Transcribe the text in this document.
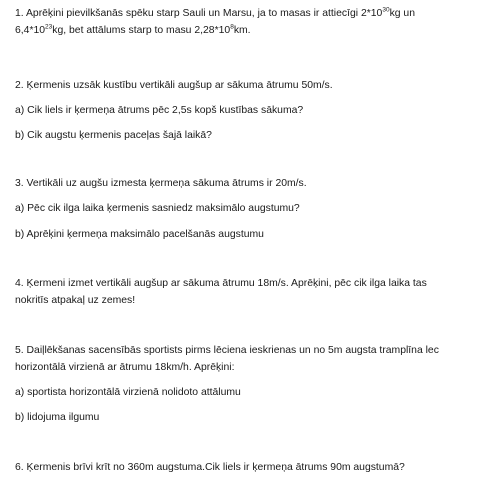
1. Aprēķini pievilkšanās spēku starp Sauli un Marsu, ja to masas ir attiecīgi $2*10^{30}kg$ un

$6,4*10^{23}kg$, bet attālums starp to masu $2,28*10^8km$.

2. Ķermenis uzsāk kustību vertikāli augšup ar sākuma ātrumu 50m/s.

a) Cik liels ir ķermeņa ātrums pēc 2,5s kopš kustības sākuma?

b) Cik augstu ķermenis paceļas šajā laikā?

3. Vertikāli uz augšu izmesta ķermeņa sākuma ātrums ir 20m/s.

a) Pēc cik ilga laika ķermenis sasniedz maksimālo augstumu?

b) Aprēķini ķermeņa maksimālo pacelšanās augstumu

4. Ķermeni izmet vertikāli augšup ar sākuma ātrumu 18m/s. Aprēķini, pēc cik ilga laika tas

nokritīs atpakaļ uz zemes!

5. Daiļlēkšanas sacensībās sportists pirms lēciena ieskrienas un no 5m augsta tramplīna lec

horizontālā virzienā ar ātrumu 18km/h. Aprēķini:

a) sportista horizontālā virzienā nolidoto attālumu

b) lidojuma ilgumu

6. Ķermenis brīvi krīt no 360m augstuma.Cik liels ir ķermeņa ātrums 90m augstumā?
